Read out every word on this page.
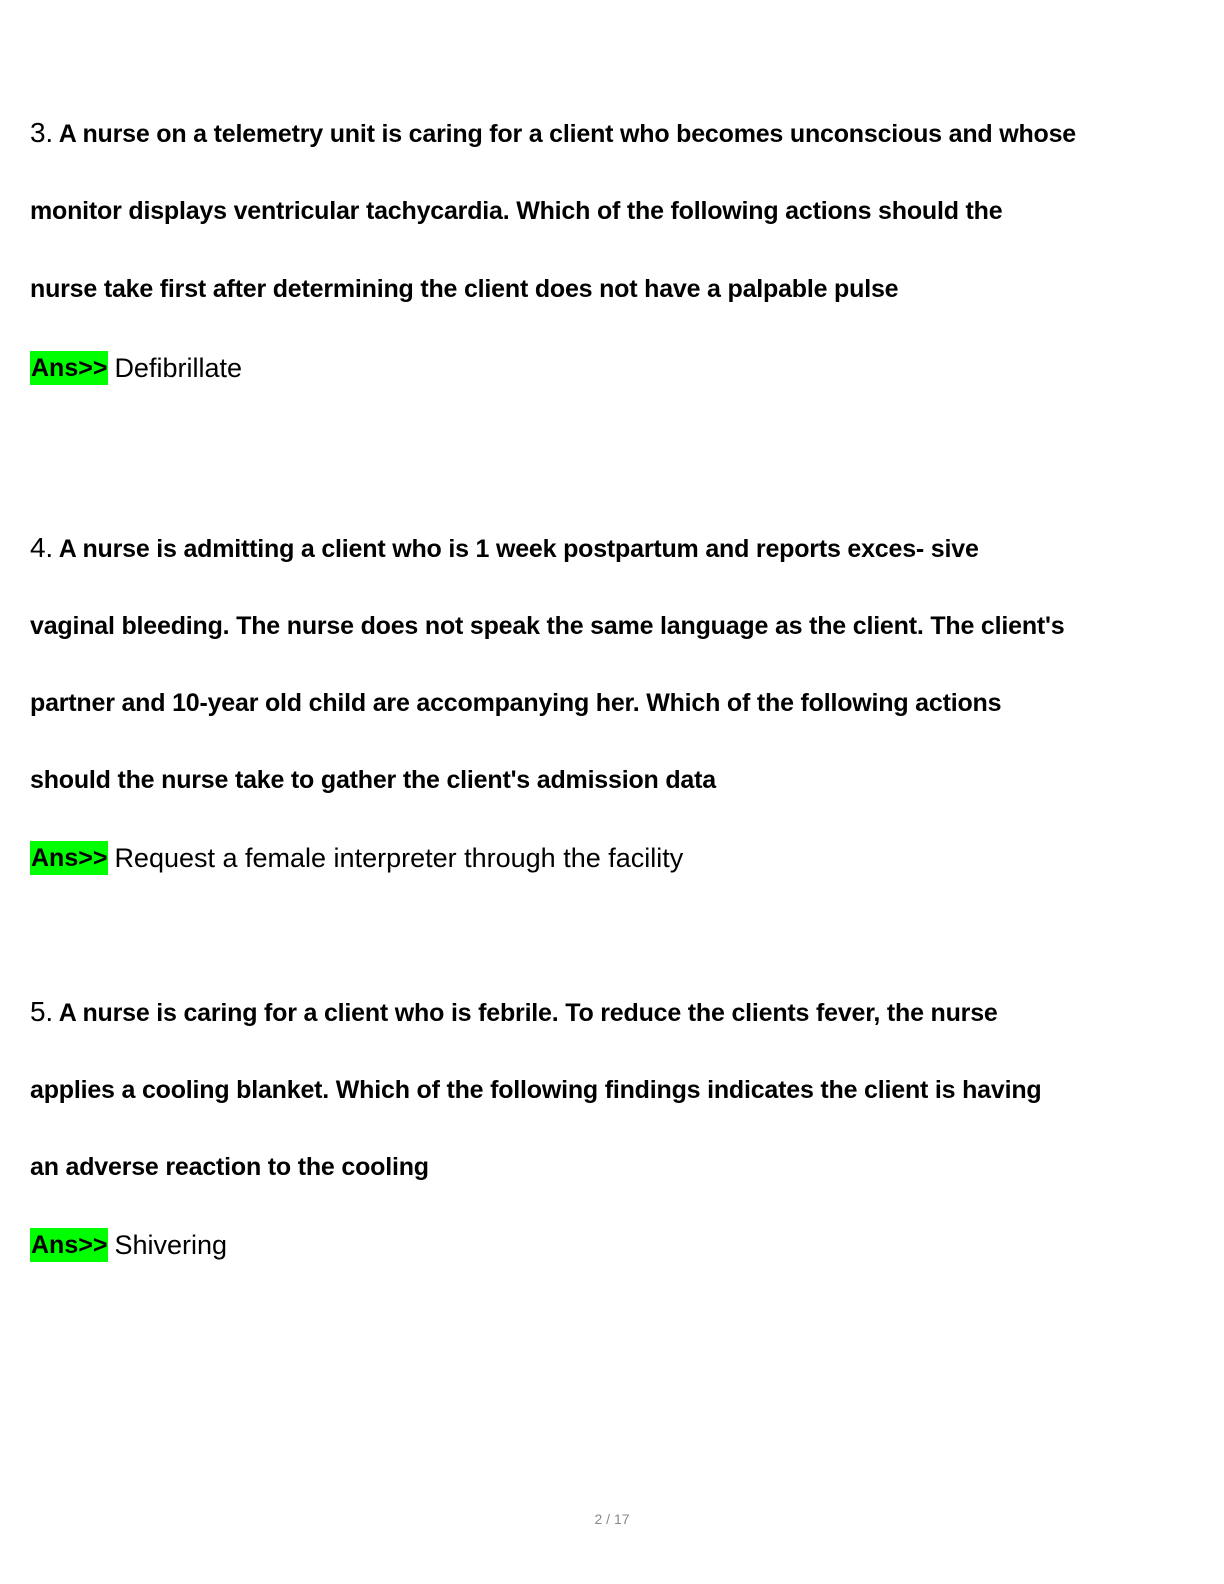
3. A nurse on a telemetry unit is caring for a client who becomes unconscious and whose
monitor displays ventricular tachycardia. Which of the following actions should the
nurse take first after determining the client does not have a palpable pulse
Ans>> Defibrillate
4. A nurse is admitting a client who is 1 week postpartum and reports exces- sive
vaginal bleeding. The nurse does not speak the same language as the client. The client's
partner and 10-year old child are accompanying her. Which of the following actions
should the nurse take to gather the client's admission data
Ans>> Request a female interpreter through the facility
5. A nurse is caring for a client who is febrile. To reduce the clients fever, the nurse
applies a cooling blanket. Which of the following findings indicates the client is having
an adverse reaction to the cooling
Ans>> Shivering
2 / 17
